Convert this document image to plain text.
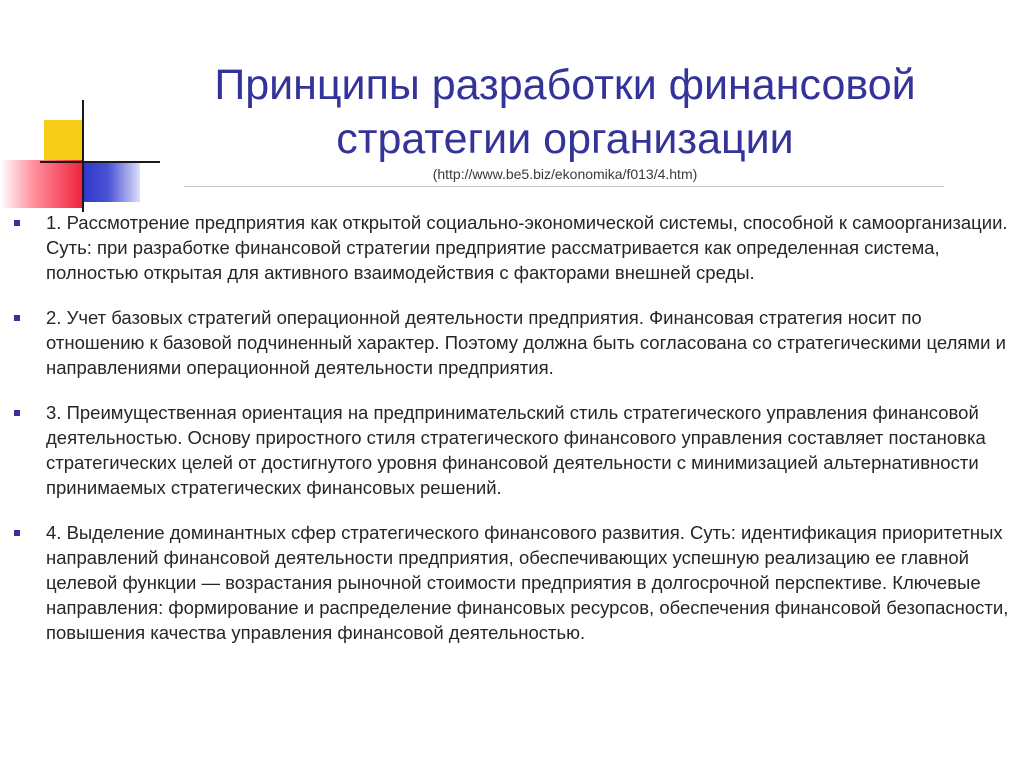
Принципы разработки финансовой
стратегии организации
(http://www.be5.biz/ekonomika/f013/4.htm)
1. Рассмотрение предприятия как открытой социально-экономической системы, способной к самоорганизации. Суть: при разработке финансовой стратегии предприятие рассматривается как определенная система, полностью открытая для активного взаимодействия с факторами внешней среды.
2. Учет базовых стратегий операционной деятельности предприятия. Финансовая стратегия носит по отношению к базовой подчиненный характер. Поэтому должна быть согласована со стратегическими целями и направлениями операционной деятельности предприятия.
3. Преимущественная ориентация на предпринимательский стиль стратегического управления финансовой деятельностью. Основу приростного стиля стратегического финансового управления составляет постановка стратегических целей от достигнутого уровня финансовой деятельности с минимизацией альтернативности принимаемых стратегических финансовых решений.
4. Выделение доминантных сфер стратегического финансового развития. Суть: идентификация приоритетных направлений финансовой деятельности предприятия, обеспечивающих успешную реализацию ее главной целевой функции — возрастания рыночной стоимости предприятия в долгосрочной перспективе. Ключевые направления: формирование и распределение финансовых ресурсов, обеспечения финансовой безопасности, повышения качества управления финансовой деятельностью.
